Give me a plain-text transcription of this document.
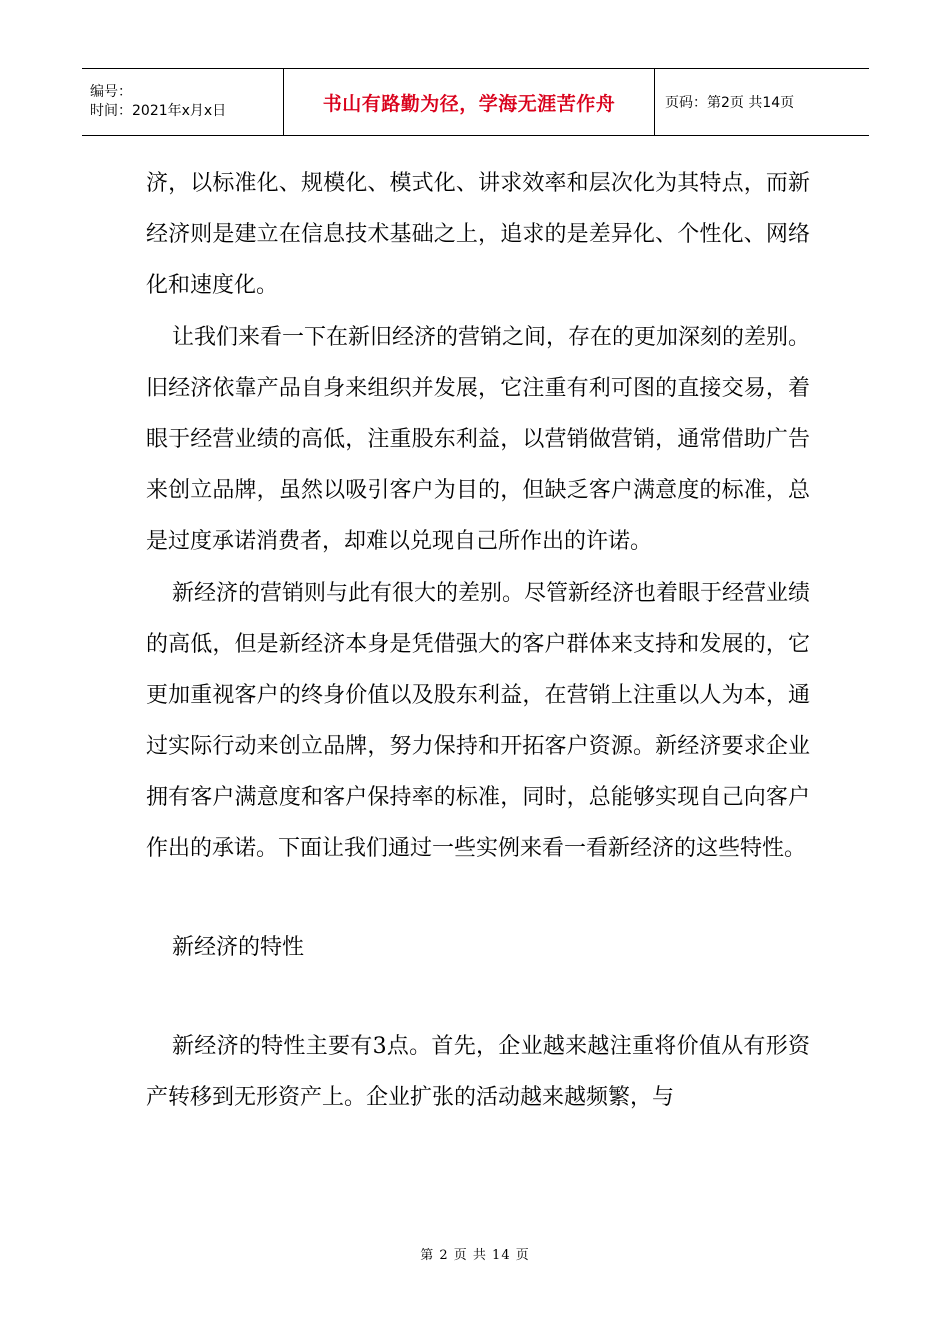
编号：
时间：2021年x月x日	书山有路勤为径，学海无涯苦作舟	页码：第2页 共14页

济，以标准化、规模化、模式化、讲求效率和层次化为其特点，而新经济则是建立在信息技术基础之上，追求的是差异化、个性化、网络化和速度化。

让我们来看一下在新旧经济的营销之间，存在的更加深刻的差别。旧经济依靠产品自身来组织并发展，它注重有利可图的直接交易，着眼于经营业绩的高低，注重股东利益，以营销做营销，通常借助广告来创立品牌，虽然以吸引客户为目的，但缺乏客户满意度的标准，总是过度承诺消费者，却难以兑现自己所作出的许诺。

新经济的营销则与此有很大的差别。尽管新经济也着眼于经营业绩的高低，但是新经济本身是凭借强大的客户群体来支持和发展的，它更加重视客户的终身价值以及股东利益，在营销上注重以人为本，通过实际行动来创立品牌，努力保持和开拓客户资源。新经济要求企业拥有客户满意度和客户保持率的标准，同时，总能够实现自己向客户作出的承诺。下面让我们通过一些实例来看一看新经济的这些特性。

新经济的特性

新经济的特性主要有3点。首先，企业越来越注重将价值从有形资产转移到无形资产上。企业扩张的活动越来越频繁，与

第 2 页 共 14 页
